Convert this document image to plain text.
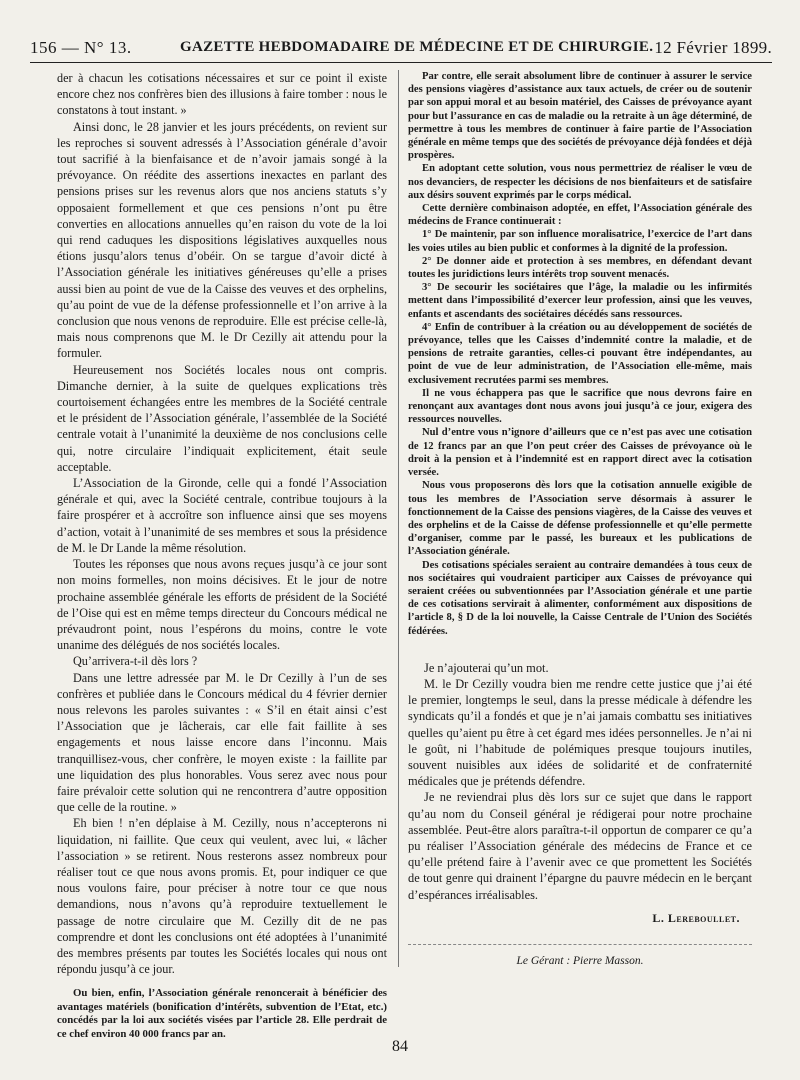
156 — N° 13.	GAZETTE HEBDOMADAIRE DE MÉDECINE ET DE CHIRURGIE. 12 Février 1899.

der à chacun les cotisations nécessaires et sur ce point il existe encore chez nos confrères bien des illusions à faire tomber : nous le constatons à tout instant. »

Ainsi donc, le 28 janvier et les jours précédents, on revient sur les reproches si souvent adressés à l’Association générale d’avoir tout sacrifié à la bienfaisance et de n’avoir jamais songé à la prévoyance. On réédite des assertions inexactes en parlant des pensions prises sur les revenus alors que nos anciens statuts s’y opposaient formellement et que ces pensions n’ont pu être converties en allocations annuelles qu’en raison du vote de la loi qui rend caduques les dispositions législatives auxquelles nous étions jusqu’alors tenus d’obéir. On se targue d’avoir dicté à l’Association générale les initiatives généreuses qu’elle a prises aussi bien au point de vue de la Caisse des veuves et des orphelins, qu’au point de vue de la défense professionnelle et l’on arrive à la conclusion que nous venons de reproduire. Elle est précise celle-là, mais nous comprenons que M. le Dr Cezilly ait attendu pour la formuler.

Heureusement nos Sociétés locales nous ont compris. Dimanche dernier, à la suite de quelques explications très courtoisement échangées entre les membres de la Société centrale et le président de l’Association générale, l’assemblée de la Société centrale votait à l’unanimité la deuxième de nos conclusions celle qui, notre circulaire l’indiquait explicitement, était seule acceptable.

L’Association de la Gironde, celle qui a fondé l’Association générale et qui, avec la Société centrale, contribue toujours à la faire prospérer et à accroître son influence ainsi que ses moyens d’action, votait à l’unanimité de ses membres et sous la présidence de M. le Dr Lande la même résolution.

Toutes les réponses que nous avons reçues jusqu’à ce jour sont non moins formelles, non moins décisives. Et le jour de notre prochaine assemblée générale les efforts de président de la Société de l’Oise qui est en même temps directeur du Concours médical ne prévaudront point, nous l’espérons du moins, contre le vote unanime des délégués de nos sociétés locales.

Qu’arrivera-t-il dès lors ?

Dans une lettre adressée par M. le Dr Cezilly à l’un de ses confrères et publiée dans le Concours médical du 4 février dernier nous relevons les paroles suivantes : « S’il en était ainsi c’est l’Association que je lâcherais, car elle fait faillite à ses engagements et nous laisse encore dans l’inconnu. Mais tranquillisez-vous, cher confrère, le moyen existe : la faillite par une liquidation des plus honorables. Vous serez avec nous pour faire prévaloir cette solution qui ne rencontrera d’autre opposition que celle de la routine. »

Eh bien ! n’en déplaise à M. Cezilly, nous n’accepterons ni liquidation, ni faillite. Que ceux qui veulent, avec lui, « lâcher l’association » se retirent. Nous resterons assez nombreux pour réaliser tout ce que nous avons promis. Et, pour indiquer ce que nous voulons faire, pour préciser à notre tour ce que nous demandions, nous n’avons qu’à reproduire textuellement le passage de notre circulaire que M. Cezilly dit de ne pas comprendre et dont les conclusions ont été adoptées à l’unanimité des membres présents par toutes les Sociétés locales qui nous ont répondu jusqu’à ce jour.

Ou bien, enfin, l’Association générale renoncerait à bénéficier des avantages matériels (bonification d’intérêts, subvention de l’Etat, etc.) concédés par la loi aux sociétés visées par l’article 28. Elle perdrait de ce chef environ 40 000 francs par an.

Par contre, elle serait absolument libre de continuer à assurer le service des pensions viagères d’assistance aux taux actuels, de créer ou de soutenir par son appui moral et au besoin matériel, des Caisses de prévoyance ayant pour but l’assurance en cas de maladie ou la retraite à un âge déterminé, de permettre à tous les membres de continuer à faire partie de l’Association générale en même temps que des sociétés de prévoyance déjà fondées et déjà prospères.

En adoptant cette solution, vous nous permettriez de réaliser le vœu de nos devanciers, de respecter les décisions de nos bienfaiteurs et de satisfaire aux désirs souvent exprimés par le corps médical.

Cette dernière combinaison adoptée, en effet, l’Association générale des médecins de France continuerait :

1° De maintenir, par son influence moralisatrice, l’exercice de l’art dans les voies utiles au bien public et conformes à la dignité de la profession.

2° De donner aide et protection à ses membres, en défendant devant toutes les juridictions leurs intérêts trop souvent menacés.

3° De secourir les sociétaires que l’âge, la maladie ou les infirmités mettent dans l’impossibilité d’exercer leur profession, ainsi que les veuves, enfants et ascendants des sociétaires décédés sans ressources.

4° Enfin de contribuer à la création ou au développement de sociétés de prévoyance, telles que les Caisses d’indemnité contre la maladie, et de pensions de retraite garanties, celles-ci pouvant être indépendantes, au point de vue de leur administration, de l’Association elle-même, mais exclusivement recrutées parmi ses membres.

Il ne vous échappera pas que le sacrifice que nous devrons faire en renonçant aux avantages dont nous avons joui jusqu’à ce jour, exigera des ressources nouvelles.

Nul d’entre vous n’ignore d’ailleurs que ce n’est pas avec une cotisation de 12 francs par an que l’on peut créer des Caisses de prévoyance où le droit à la pension et à l’indemnité est en rapport direct avec la cotisation versée.

Nous vous proposerons dès lors que la cotisation annuelle exigible de tous les membres de l’Association serve désormais à assurer le fonctionnement de la Caisse des pensions viagères, de la Caisse des veuves et des orphelins et de la Caisse de défense professionnelle et qu’elle permette d’organiser, comme par le passé, les bureaux et les publications de l’Association générale.

Des cotisations spéciales seraient au contraire demandées à tous ceux de nos sociétaires qui voudraient participer aux Caisses de prévoyance qui seraient créées ou subventionnées par l’Association générale et une partie de ces cotisations servirait à alimenter, conformément aux dispositions de l’article 8, § D de la loi nouvelle, la Caisse Centrale de l’Union des Sociétés fédérées.

Je n’ajouterai qu’un mot.

M. le Dr Cezilly voudra bien me rendre cette justice que j’ai été le premier, longtemps le seul, dans la presse médicale à défendre les syndicats qu’il a fondés et que je n’ai jamais combattu ses initiatives quelles qu’aient pu être à cet égard mes idées personnelles. Je n’ai ni le goût, ni l’habitude de polémiques presque toujours inutiles, souvent nuisibles aux idées de solidarité et de confraternité médicales que je prétends défendre.

Je ne reviendrai plus dès lors sur ce sujet que dans le rapport qu’au nom du Conseil général je rédigerai pour notre prochaine assemblée. Peut-être alors paraîtra-t-il opportun de comparer ce qu’a pu réaliser l’Association générale des médecins de France et ce qu’elle prétend faire à l’avenir avec ce que promettent les Sociétés de tout genre qui drainent l’épargne du pauvre médecin en le berçant d’espérances irréalisables.

L. Lereboullet.
Le Gérant : Pierre Masson.
84
